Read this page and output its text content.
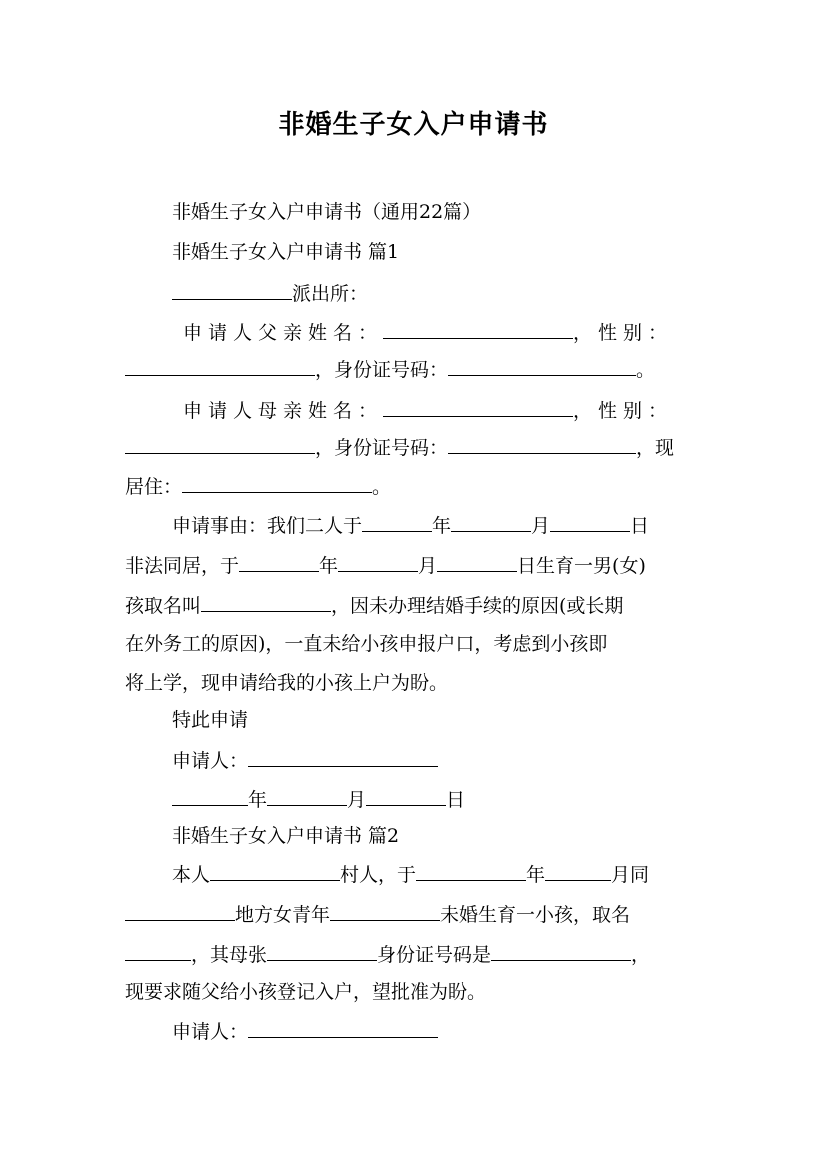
非婚生子女入户申请书
非婚生子女入户申请书（通用22篇）
非婚生子女入户申请书 篇1
派出所：
申请人父亲姓名：	，性别：
，身份证号码：	。
申请人母亲姓名：	，性别：
，身份证号码：	，现
居住：	。
申请事由：我们二人于	年	月	日
非法同居，于	年	月	日生育一男(女)
孩取名叫	，因未办理结婚手续的原因(或长期
在外务工的原因)，一直未给小孩申报户口，考虑到小孩即
将上学，现申请给我的小孩上户为盼。
特此申请
申请人：
年	月	日
非婚生子女入户申请书 篇2
本人	村人，于	年	月同
地方女青年	未婚生育一小孩，取名
，其母张	身份证号码是	，
现要求随父给小孩登记入户，望批准为盼。
申请人：
